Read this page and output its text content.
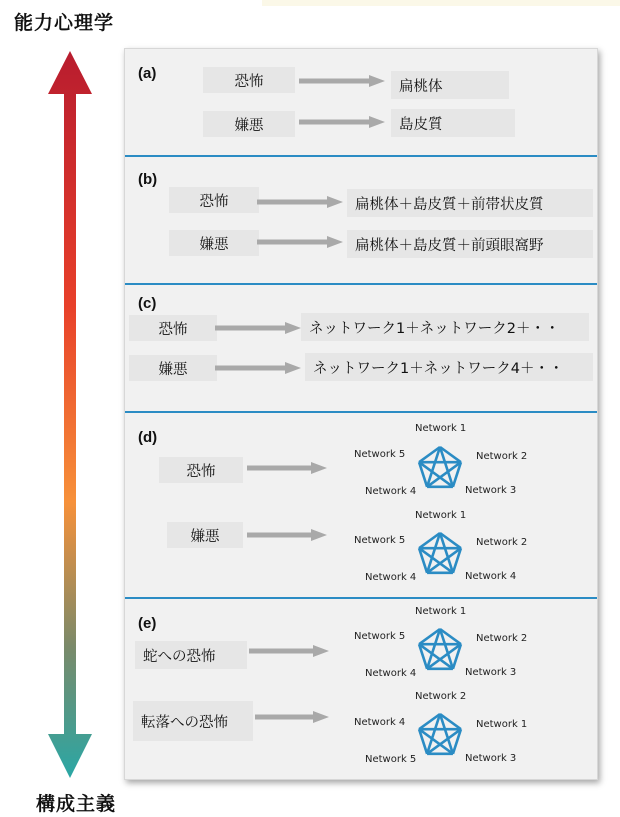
能力心理学
構成主義
(a)	恐怖	扁桃体
嫌悪	島皮質
(b)
恐怖	扁桃体＋島皮質＋前帯状皮質
嫌悪	扁桃体＋島皮質＋前頭眼窩野
(c)
恐怖	ネットワーク1＋ネットワーク2＋・・
嫌悪	ネットワーク1＋ネットワーク4＋・・
(d)
恐怖
Network 1
Network 2
Network 3
Network 4
Network 5
嫌悪
Network 1
Network 2
Network 4
Network 4
Network 5
(e)
蛇への恐怖
Network 1
Network 2
Network 3
Network 4
Network 5
転落への恐怖
Network 2
Network 1
Network 3
Network 5
Network 4
